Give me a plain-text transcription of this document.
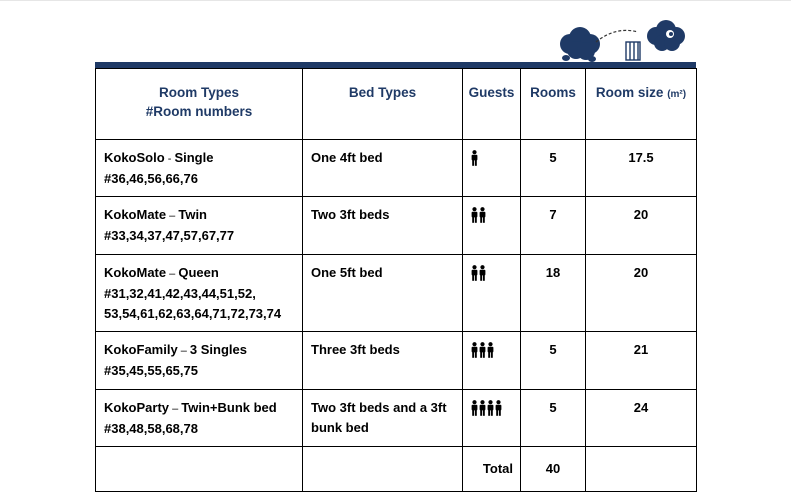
Room Types
#Room numbers	Bed Types	Guests	Rooms	Room size (m²)

KokoSolo - Single
#36,46,56,66,76	One 4ft bed		5	17.5

KokoMate – Twin
#33,34,37,47,57,67,77	Two 3ft beds		7	20

KokoMate – Queen
#31,32,41,42,43,44,51,52,
53,54,61,62,63,64,71,72,73,74	One 5ft bed		18	20

KokoFamily – 3 Singles
#35,45,55,65,75	Three 3ft beds		5	21

KokoParty – Twin+Bunk bed
#38,48,58,68,78	Two 3ft beds and a 3ft bunk bed		5	24
		Total	40	
